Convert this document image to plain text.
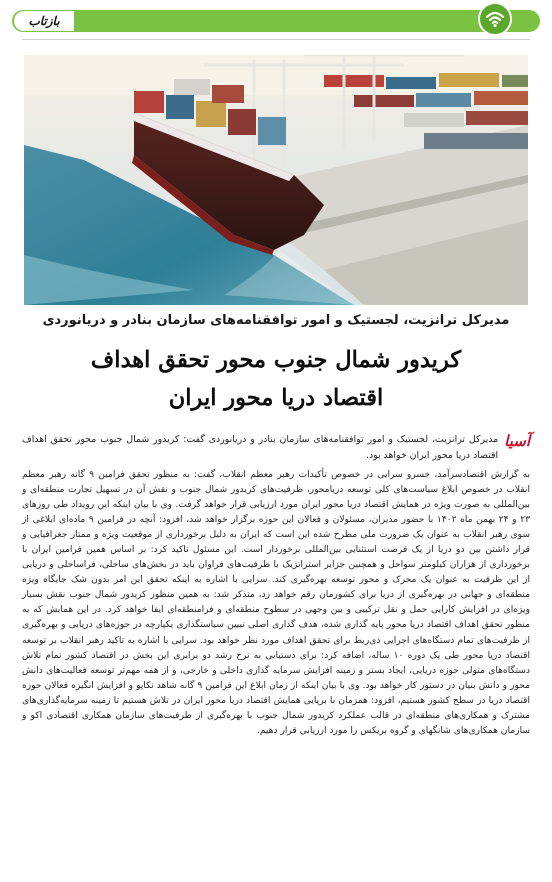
بازتاب
مدیرکل ترانزیت، لجستیک و امور توافقنامه‌های سازمان بنادر و دریانوردی
کریدور شمال جنوب محور تحقق اهداف
اقتصاد دریا محور ایران
آسیا

مدیرکل ترانزیت، لجستیک و امور توافقنامه‌های سازمان بنادر و دریانوردی گفت: کریدور شمال جنوب محور تحقق اهداف اقتصاد دریا محور ایران خواهد بود.

به گزارش اقتصادسرآمد، خسرو سرایی در خصوص تأکیدات رهبر معظم انقلاب، گفت: به منظور تحقق فرامین ۹ گانه رهبر معظم انقلاب در خصوص ابلاغ سیاست‌های کلی توسعه دریامحور، ظرفیت‌های کریدور شمال جنوب و نقش آن در تسهیل تجارت منطقه‌ای و بین‌المللی به صورت ویژه در همایش اقتصاد دریا محور ایران مورد ارزیابی قرار خواهد گرفت. وی با بیان اینکه این رویداد طی روزهای ۲۳ و ۲۴ بهمن ماه ۱۴۰۲ با حضور مدیران، مسئولان و فعالان این حوزه برگزار خواهد شد، افزود: آنچه در فرامین ۹ ماده‌ای ابلاغی از سوی رهبر انقلاب به عنوان یک ضرورت ملی مطرح شده این است که ایران به دلیل برخورداری از موقعیت ویژه و ممتاز جغرافیایی و قرار داشتن بین دو دریا از یک فرصت استثنایی بین‌المللی برخوردار است. این مسئول تاکید کرد: بر اساس همین فرامین ایران با برخورداری از هزاران کیلومتر سواحل و همچنین جزایر استراتژیک با ظرفیت‌های فراوان باید در بخش‌های ساحلی، فراساحلی و دریایی از این ظرفیت به عنوان یک محرک و محور توسعه بهره‌گیری کند. سرایی با اشاره به اینکه تحقق این امر بدون شک جایگاه ویژه منطقه‌ای و جهانی در بهره‌گیری از دریا برای کشورمان رقم خواهد زد، متذکر شد: به همین منظور کریدور شمال جنوب نقش بسیار ویژه‌ای در افزایش کارایی حمل و نقل ترکیبی و بین وجهی در سطوح منطقه‌ای و فرامنطقه‌ای ایفا خواهد کرد. در این همایش که به منظور تحقق اهداف اقتصاد دریا محور پایه گذاری شده، هدف گذاری اصلی تبیین سیاستگذاری یکپارچه در حوزه‌های دریایی و بهره‌گیری از ظرفیت‌های تمام دستگاه‌های اجرایی ذی‌ربط برای تحقق اهداف مورد نظر خواهد بود. سرایی با اشاره به تاکید رهبر انقلاب بر توسعه اقتصاد دریا محور طی یک دوره ۱۰ ساله، اضافه کرد: برای دستیابی به نرخ رشد دو برابری این بخش در اقتصاد کشور تمام تلاش دستگاه‌های متولی حوزه دریایی، ایجاد بستر و زمینه افزایش سرمایه گذاری داخلی و خارجی، و از همه مهم‌تر توسعه فعالیت‌های دانش محور و دانش بنیان در دستور کار خواهد بود. وی با بیان اینکه از زمان ابلاغ این فرامین ۹ گانه شاهد تکاپو و افزایش انگیزه فعالان حوزه اقتصاد دریا در سطح کشور هستیم، افزود: همزمان با برپایی همایش اقتصاد دریا محور ایران در تلاش هستیم تا زمینه سرمایه‌گذاری‌های مشترک و همکاری‌های منطقه‌ای در قالب عملکرد کریدور شمال جنوب با بهره‌گیری از ظرفیت‌های سازمان همکاری اقتصادی اکو و سازمان همکاری‌های شانگهای و گروه بریکس را مورد ارزیابی قرار دهیم.
